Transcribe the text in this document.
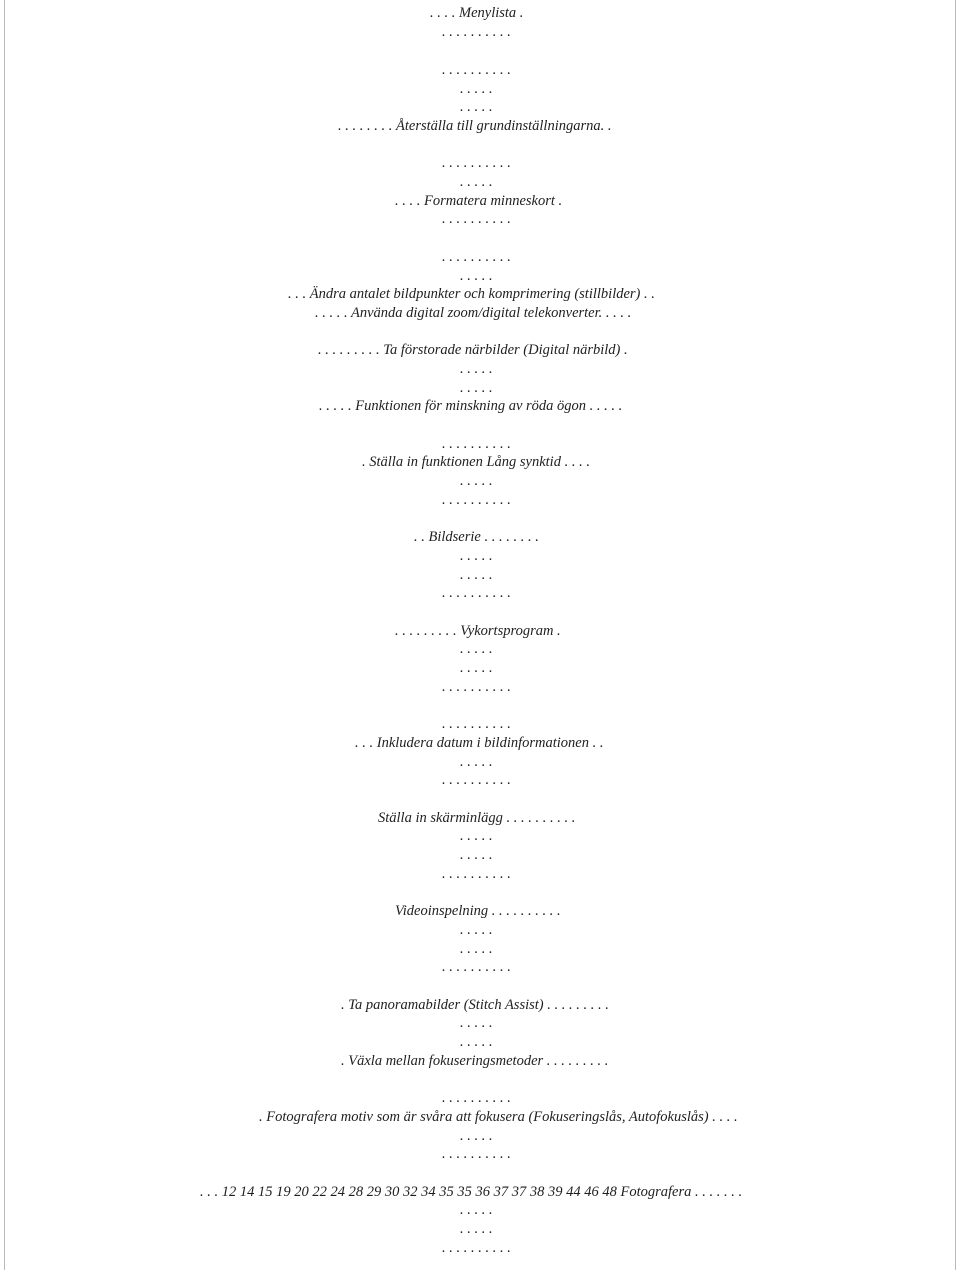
. . . . Menylista .
. . . . . . . . . .
. . . . . . . . . .
. . . . .
. . . . .
. . . . . . . . Återställa till grundinställningarna. .
. . . . . . . . . .
. . . . .
. . . . Formatera minneskort .
. . . . . . . . . .
. . . . . . . . . .
. . . . .
. . . Ändra antalet bildpunkter och komprimering (stillbilder) . .
. . . . . Använda digital zoom/digital telekonverter. . . . .
. . . . . . . . . Ta förstorade närbilder (Digital närbild) .
. . . . .
. . . . .
. . . . . Funktionen för minskning av röda ögon . . . . .
. . . . . . . . . .
. Ställa in funktionen Lång synktid . . . .
. . . . .
. . . . . . . . . .
. . Bildserie . . . . . . . .
. . . . .
. . . . .
. . . . . . . . . .
. . . . . . . . . Vykortsprogram .
. . . . .
. . . . .
. . . . . . . . . .
. . . . . . . . . .
. . . Inkludera datum i bildinformationen . .
. . . . .
. . . . . . . . . .
Ställa in skärminlägg . . . . . . . . . .
. . . . .
. . . . .
. . . . . . . . . .
Videoinspelning . . . . . . . . . .
. . . . .
. . . . .
. . . . . . . . . .
. Ta panoramabilder (Stitch Assist) . . . . . . . . .
. . . . .
. . . . .
. Växla mellan fokuseringsmetoder . . . . . . . . .
. . . . . . . . . .
. Fotografera motiv som är svåra att fokusera (Fokuseringslås, Autofokuslås) . . . .
. . . . .
. . . . . . . . . .
. . . 12 14 15 19 20 22 24 28 29 30 32 34 35 35 36 37 37 38 39 44 46 48 Fotografera . . . . . . .
. . . . .
. . . . .
. . . . . . . . . .
